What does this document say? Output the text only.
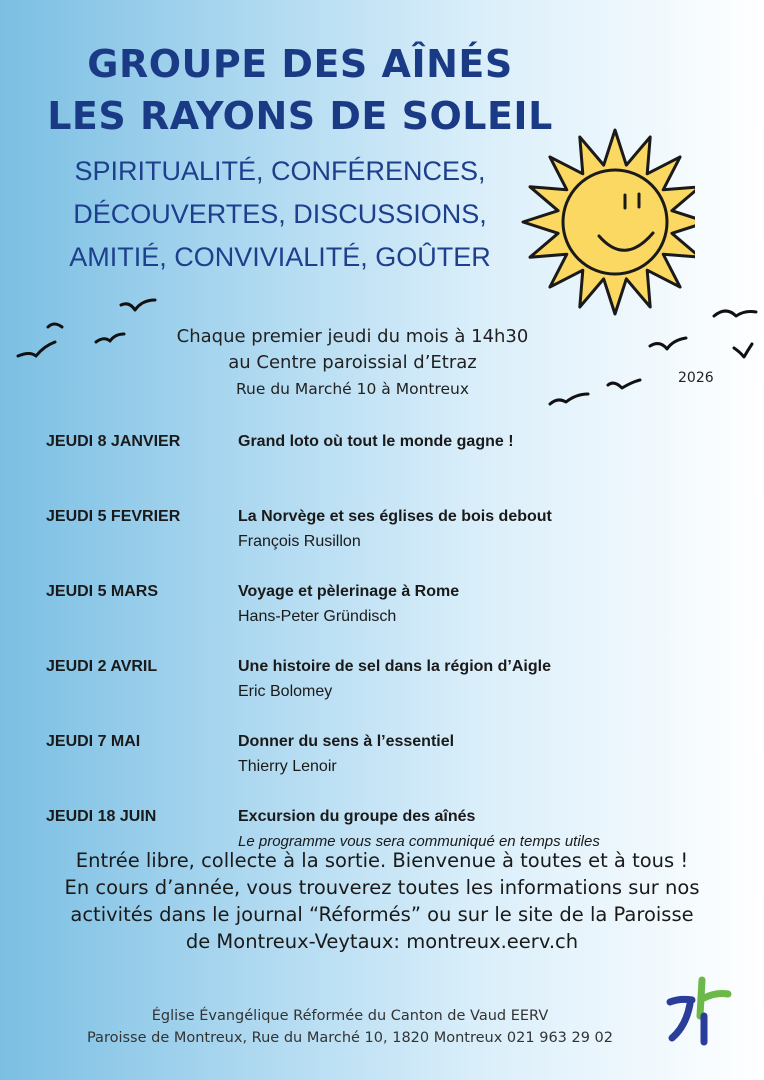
GROUPE DES AÎNÉS
LES RAYONS DE SOLEIL
SPIRITUALITÉ, CONFÉRENCES,
DÉCOUVERTES, DISCUSSIONS,
AMITIÉ, CONVIVIALITÉ, GOÛTER
Chaque premier jeudi du mois à 14h30
au Centre paroissial d’Etraz
Rue du Marché 10 à Montreux
2026
JEUDI 8 JANVIER	Grand loto où tout le monde gagne !
JEUDI 5 FEVRIER	La Norvège et ses églises de bois debout
François Rusillon
JEUDI 5 MARS	Voyage et pèlerinage à Rome
Hans-Peter Gründisch
JEUDI 2 AVRIL	Une histoire de sel dans la région d’Aigle
Eric Bolomey
JEUDI 7 MAI	Donner du sens à l’essentiel
Thierry Lenoir
JEUDI 18 JUIN	Excursion du groupe des aînés
Le programme vous sera communiqué en temps utiles
Entrée libre, collecte à la sortie. Bienvenue à toutes et à tous !
En cours d’année, vous trouverez toutes les informations sur nos
activités dans le journal “Réformés” ou sur le site de la Paroisse
de Montreux-Veytaux: montreux.eerv.ch
Église Évangélique Réformée du Canton de Vaud EERV
Paroisse de Montreux, Rue du Marché 10, 1820 Montreux 021 963 29 02
